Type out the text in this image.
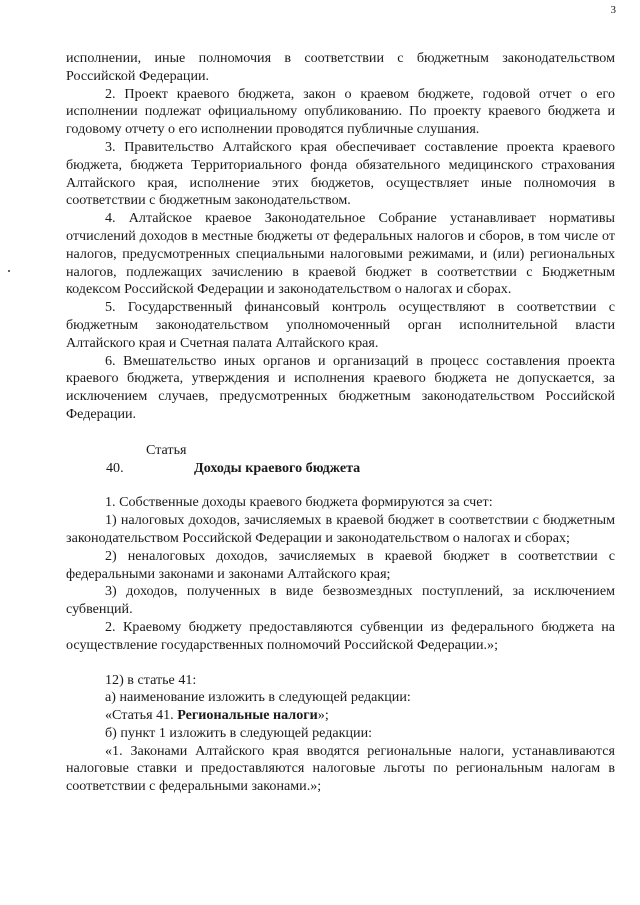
3

исполнении, иные полномочия в соответствии с бюджетным законодательством Российской Федерации.

2. Проект краевого бюджета, закон о краевом бюджете, годовой отчет о его исполнении подлежат официальному опубликованию. По проекту краевого бюджета и годовому отчету о его исполнении проводятся публичные слушания.

3. Правительство Алтайского края обеспечивает составление проекта краевого бюджета, бюджета Территориального фонда обязательного медицинского страхования Алтайского края, исполнение этих бюджетов, осуществляет иные полномочия в соответствии с бюджетным законодательством.

4. Алтайское краевое Законодательное Собрание устанавливает нормативы отчислений доходов в местные бюджеты от федеральных налогов и сборов, в том числе от налогов, предусмотренных специальными налоговыми режимами, и (или) региональных налогов, подлежащих зачислению в краевой бюджет в соответствии с Бюджетным кодексом Российской Федерации и законодательством о налогах и сборах.

5. Государственный финансовый контроль осуществляют в соответствии с бюджетным законодательством уполномоченный орган исполнительной власти Алтайского края и Счетная палата Алтайского края.

6. Вмешательство иных органов и организаций в процесс составления проекта краевого бюджета, утверждения и исполнения краевого бюджета не допускается, за исключением случаев, предусмотренных бюджетным законодательством Российской Федерации.

Статья 40.	Доходы краевого бюджета

1. Собственные доходы краевого бюджета формируются за счет:

1) налоговых доходов, зачисляемых в краевой бюджет в соответствии с бюджетным законодательством Российской Федерации и законодательством о налогах и сборах;

2) неналоговых доходов, зачисляемых в краевой бюджет в соответствии с федеральными законами и законами Алтайского края;

3) доходов, полученных в виде безвозмездных поступлений, за исключением субвенций.

2. Краевому бюджету предоставляются субвенции из федерального бюджета на осуществление государственных полномочий Российской Федерации.»;

12) в статье 41:

а) наименование изложить в следующей редакции:

«Статья 41. Региональные налоги»;

б) пункт 1 изложить в следующей редакции:

«1. Законами Алтайского края вводятся региональные налоги, устанавливаются налоговые ставки и предоставляются налоговые льготы по региональным налогам в соответствии с федеральными законами.»;
